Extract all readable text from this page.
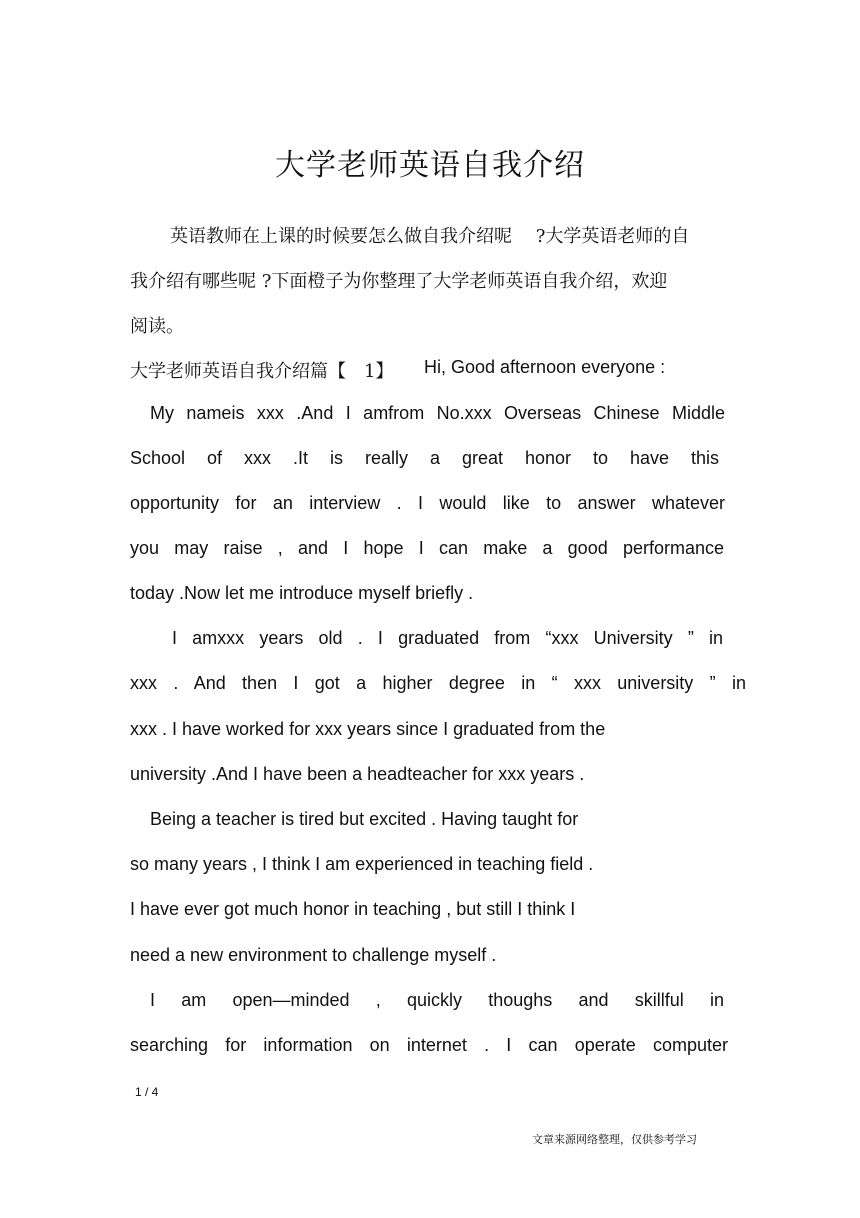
大学老师英语自我介绍
英语教师在上课的时候要怎么做自我介绍呢　 ?大学英语老师的自
我介绍有哪些呢 ?下面橙子为你整理了大学老师英语自我介绍，欢迎
阅读。
大学老师英语自我介绍篇【　1】 Hi, Good afternoon everyone :
My nameis xxx .And I amfrom No.xxx Overseas Chinese Middle
School of xxx .It is really a great honor to have this
opportunity for an interview . I would like to answer whatever
you may raise , and I hope I can make a good performance
today .Now let me introduce myself briefly .
I amxxx years old . I graduated from “xxx University ” in
xxx . And then I got a higher degree in “ xxx university ” in
xxx . I have worked for xxx years since I graduated from the
university .And I have been a headteacher for xxx years .
Being a teacher is tired but excited . Having taught for
so many years , I think I am experienced in teaching field .
I have ever got much honor in teaching , but still I think I
need a new environment to challenge myself .
I am open—minded , quickly thoughs and skillful in
searching for information on internet . I can operate computer
1 / 4
文章来源网络整理，仅供参考学习
